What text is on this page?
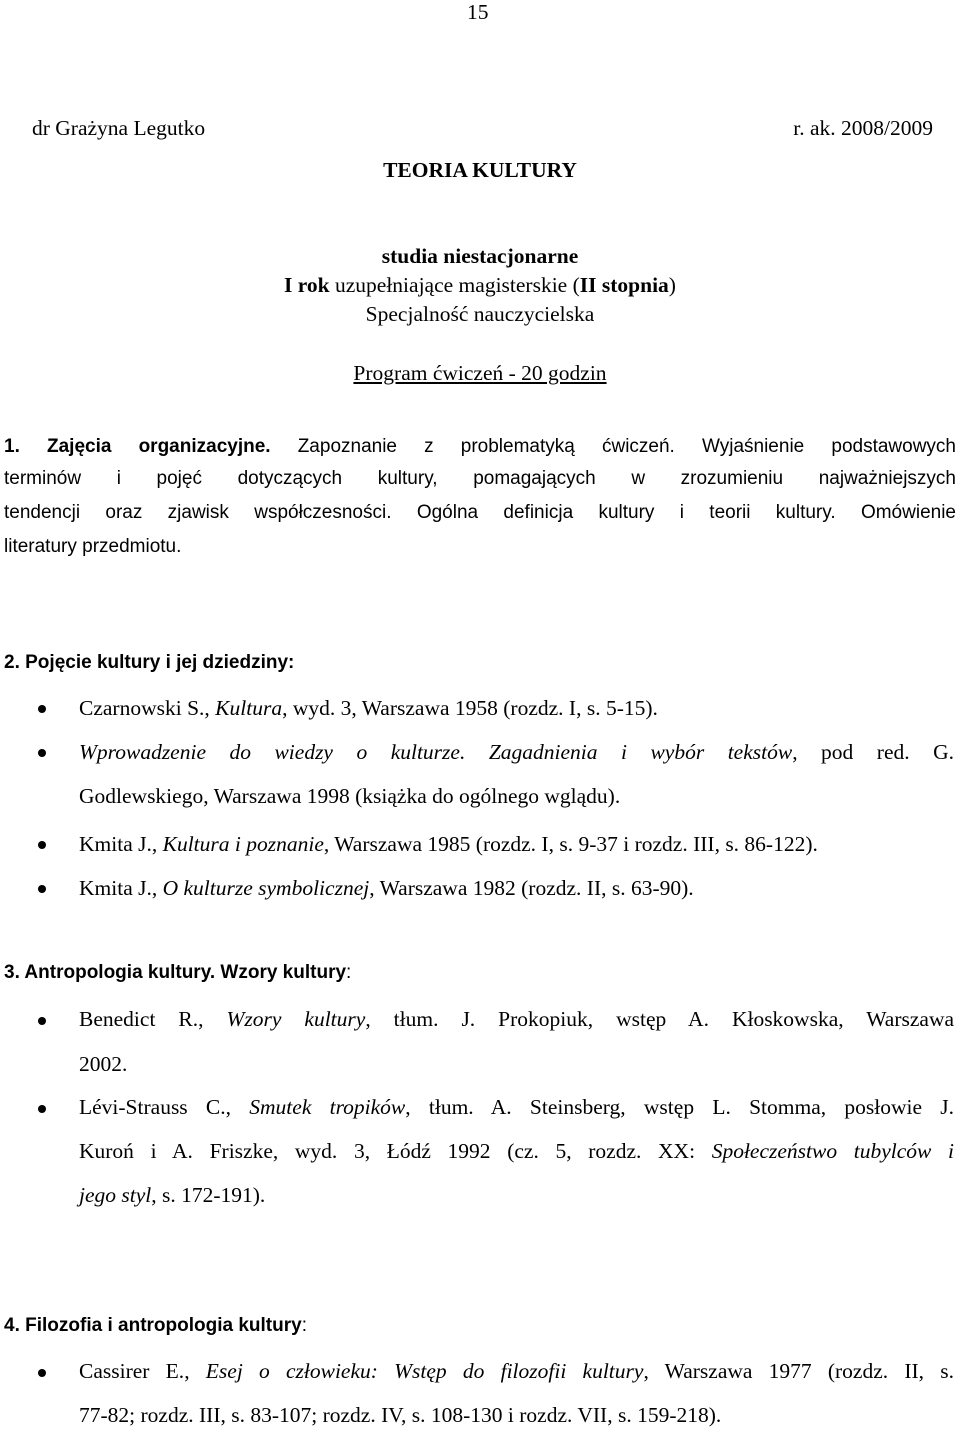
15
dr Grażyna Legutko	r. ak. 2008/2009
TEORIA KULTURY
studia niestacjonarne
I rok uzupełniające magisterskie (II stopnia)
Specjalność nauczycielska
Program ćwiczeń - 20 godzin
1. Zajęcia organizacyjne. Zapoznanie z problematyką ćwiczeń. Wyjaśnienie podstawowych
terminów i pojęć dotyczących kultury, pomagających w zrozumieniu najważniejszych
tendencji oraz zjawisk współczesności. Ogólna definicja kultury i teorii kultury. Omówienie
literatury przedmiotu.
2. Pojęcie kultury i jej dziedziny:
Czarnowski S., Kultura, wyd. 3, Warszawa 1958 (rozdz. I, s. 5-15).
Wprowadzenie do wiedzy o kulturze. Zagadnienia i wybór tekstów, pod red. G.
Godlewskiego, Warszawa 1998 (książka do ogólnego wglądu).
Kmita J., Kultura i poznanie, Warszawa 1985 (rozdz. I, s. 9-37 i rozdz. III, s. 86-122).
Kmita J., O kulturze symbolicznej, Warszawa 1982 (rozdz. II, s. 63-90).
3. Antropologia kultury. Wzory kultury:
Benedict R., Wzory kultury, tłum. J. Prokopiuk, wstęp A. Kłoskowska, Warszawa
2002.
Lévi-Strauss C., Smutek tropików, tłum. A. Steinsberg, wstęp L. Stomma, posłowie J.
Kuroń i A. Friszke, wyd. 3, Łódź 1992 (cz. 5, rozdz. XX: Społeczeństwo tubylców i
jego styl, s. 172-191).
4. Filozofia i antropologia kultury:
Cassirer E., Esej o człowieku: Wstęp do filozofii kultury, Warszawa 1977 (rozdz. II, s.
77-82; rozdz. III, s. 83-107; rozdz. IV, s. 108-130 i rozdz. VII, s. 159-218).
